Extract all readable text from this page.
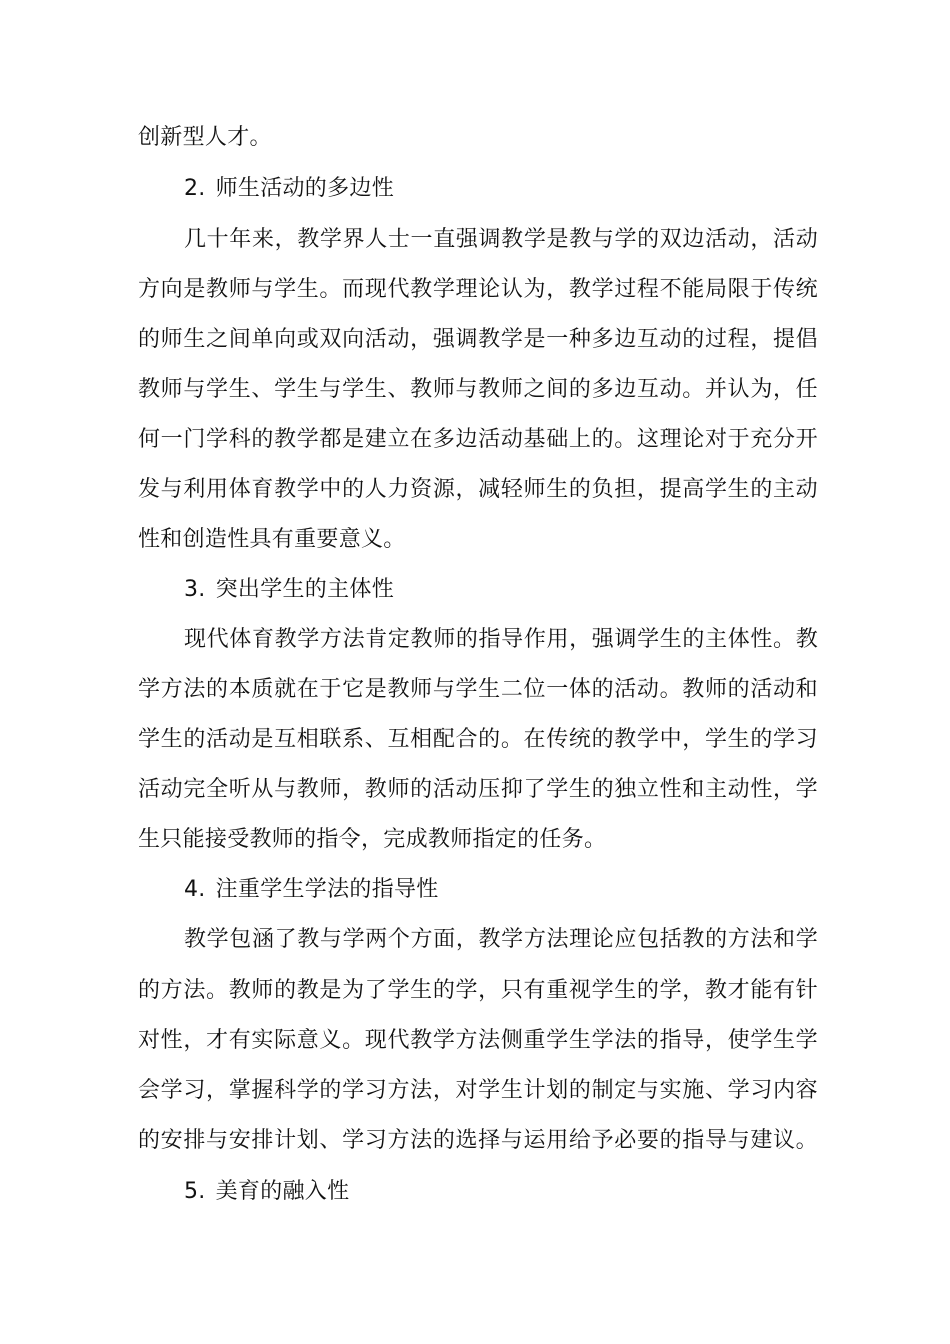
创新型人才。
2. 师生活动的多边性
几十年来，教学界人士一直强调教学是教与学的双边活动，活动
方向是教师与学生。而现代教学理论认为，教学过程不能局限于传统
的师生之间单向或双向活动，强调教学是一种多边互动的过程，提倡
教师与学生、学生与学生、教师与教师之间的多边互动。并认为，任
何一门学科的教学都是建立在多边活动基础上的。这理论对于充分开
发与利用体育教学中的人力资源，减轻师生的负担，提高学生的主动
性和创造性具有重要意义。
3. 突出学生的主体性
现代体育教学方法肯定教师的指导作用，强调学生的主体性。教
学方法的本质就在于它是教师与学生二位一体的活动。教师的活动和
学生的活动是互相联系、互相配合的。在传统的教学中，学生的学习
活动完全听从与教师，教师的活动压抑了学生的独立性和主动性，学
生只能接受教师的指令，完成教师指定的任务。
4. 注重学生学法的指导性
教学包涵了教与学两个方面，教学方法理论应包括教的方法和学
的方法。教师的教是为了学生的学，只有重视学生的学，教才能有针
对性，才有实际意义。现代教学方法侧重学生学法的指导，使学生学
会学习，掌握科学的学习方法，对学生计划的制定与实施、学习内容
的安排与安排计划、学习方法的选择与运用给予必要的指导与建议。
5. 美育的融入性
